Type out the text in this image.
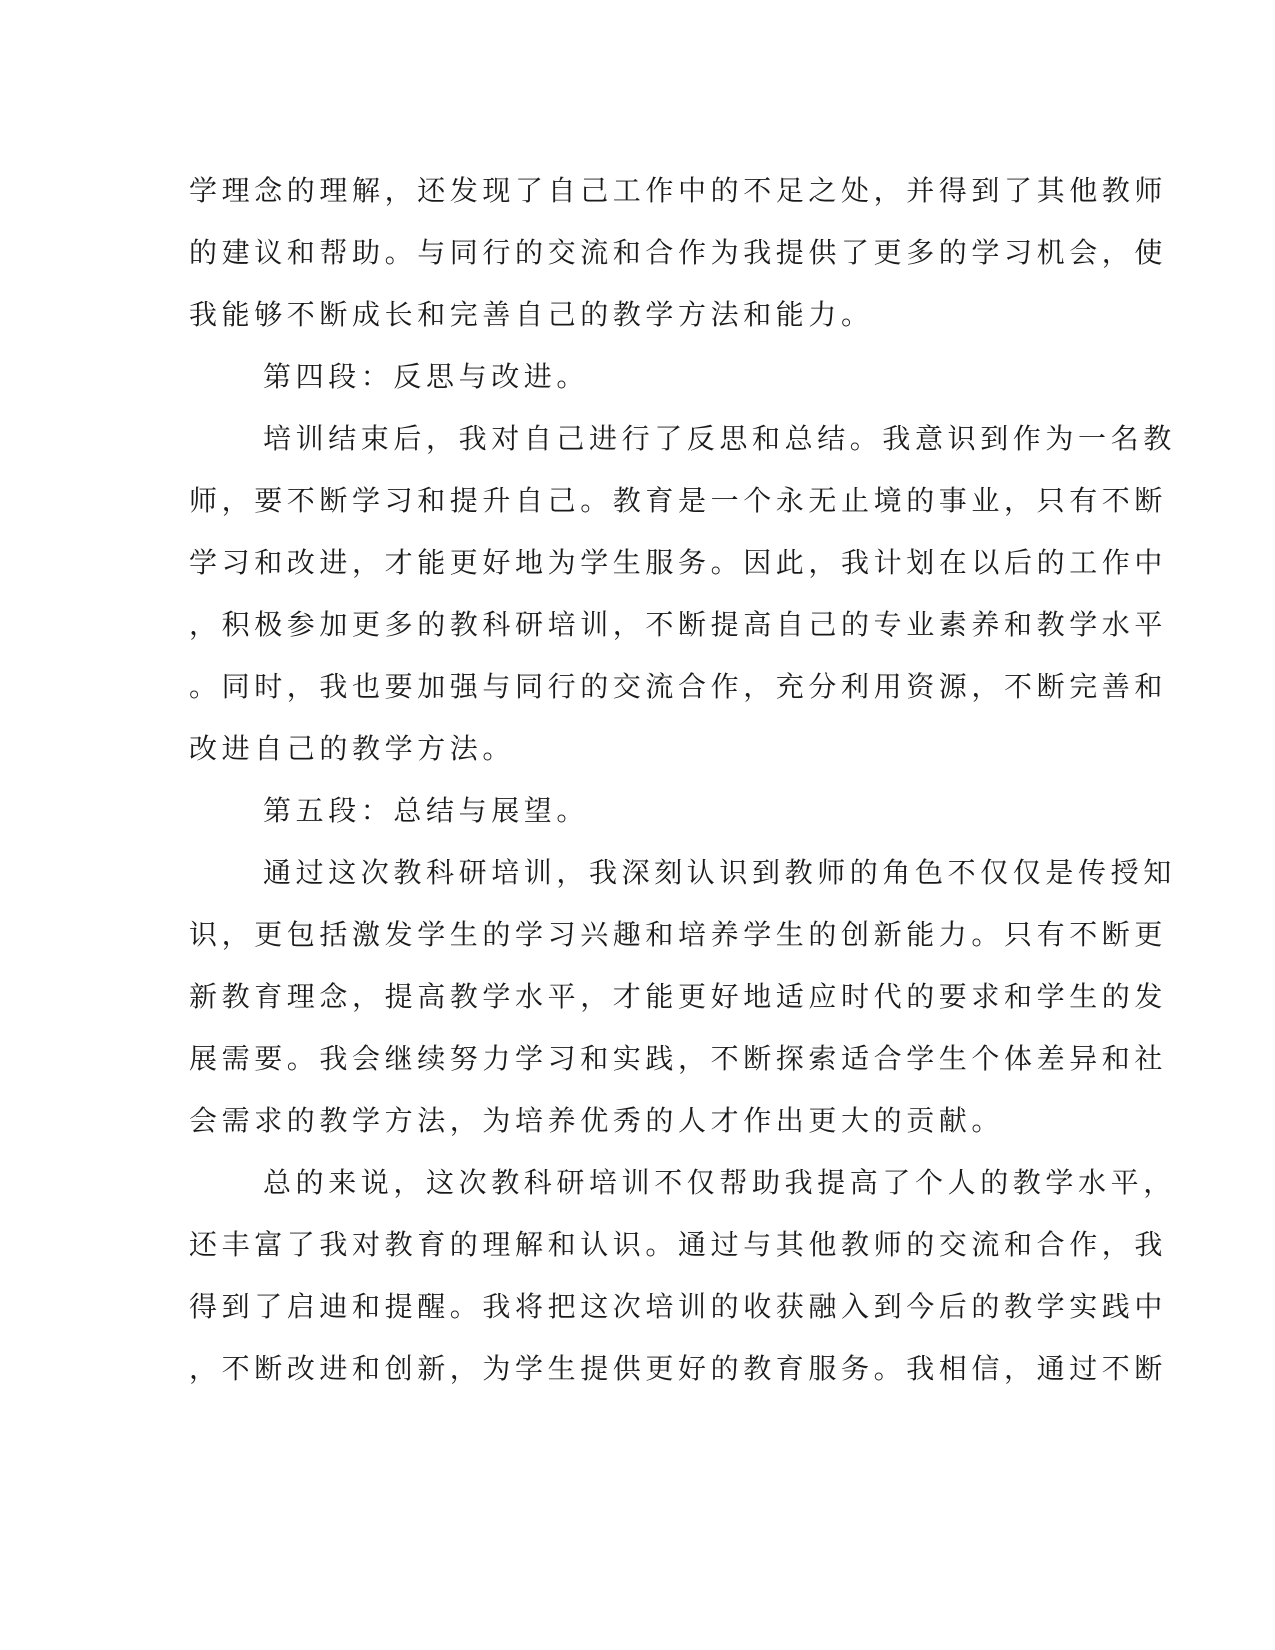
学理念的理解，还发现了自己工作中的不足之处，并得到了其他教师
的建议和帮助。与同行的交流和合作为我提供了更多的学习机会，使
我能够不断成长和完善自己的教学方法和能力。
第四段：反思与改进。
培训结束后，我对自己进行了反思和总结。我意识到作为一名教
师，要不断学习和提升自己。教育是一个永无止境的事业，只有不断
学习和改进，才能更好地为学生服务。因此，我计划在以后的工作中
，积极参加更多的教科研培训，不断提高自己的专业素养和教学水平
。同时，我也要加强与同行的交流合作，充分利用资源，不断完善和
改进自己的教学方法。
第五段：总结与展望。
通过这次教科研培训，我深刻认识到教师的角色不仅仅是传授知
识，更包括激发学生的学习兴趣和培养学生的创新能力。只有不断更
新教育理念，提高教学水平，才能更好地适应时代的要求和学生的发
展需要。我会继续努力学习和实践，不断探索适合学生个体差异和社
会需求的教学方法，为培养优秀的人才作出更大的贡献。
总的来说，这次教科研培训不仅帮助我提高了个人的教学水平，
还丰富了我对教育的理解和认识。通过与其他教师的交流和合作，我
得到了启迪和提醒。我将把这次培训的收获融入到今后的教学实践中
，不断改进和创新，为学生提供更好的教育服务。我相信，通过不断
